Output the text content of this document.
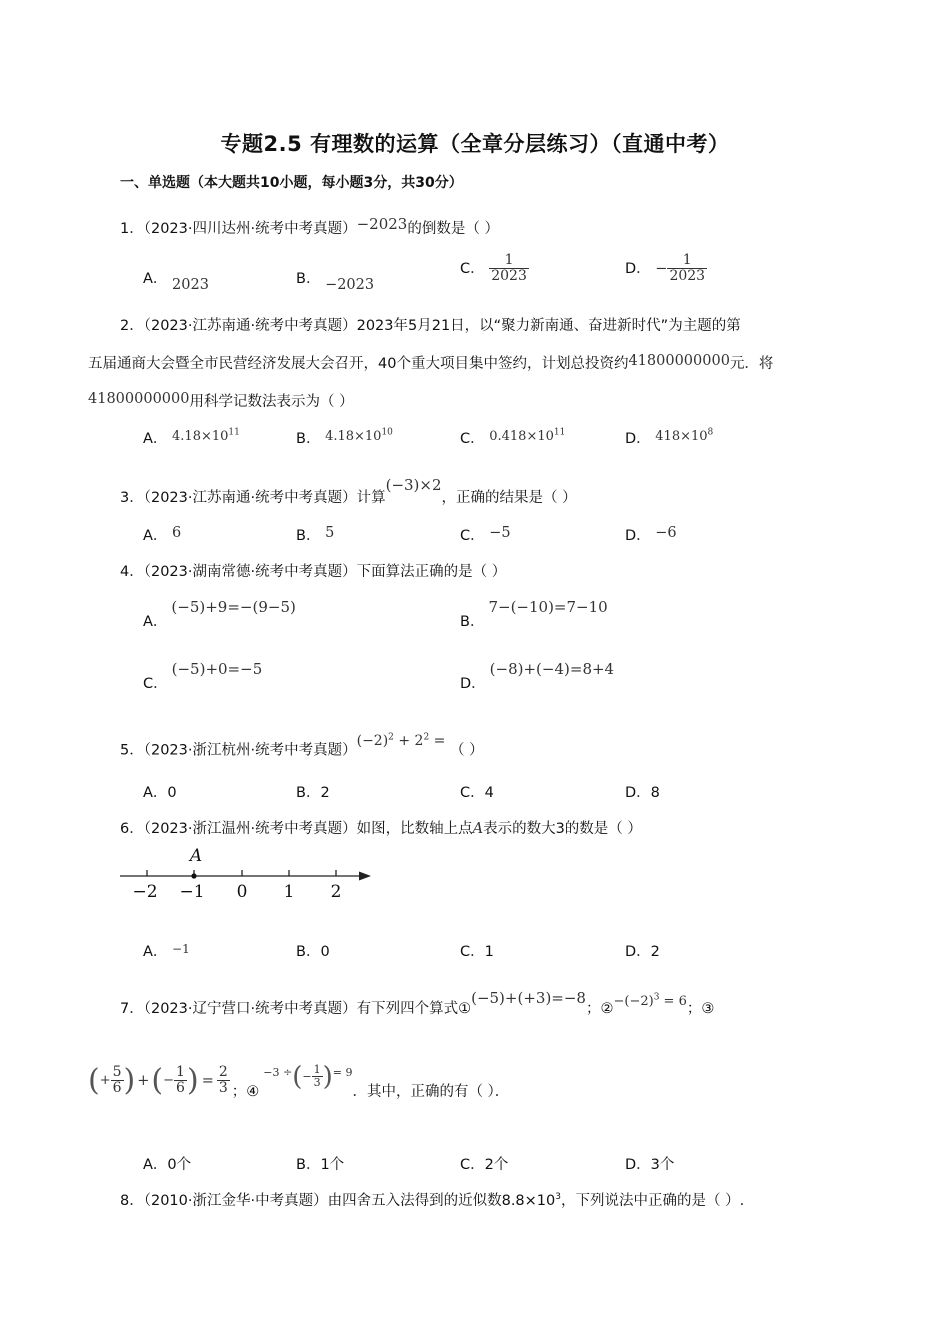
专题2.5 有理数的运算（全章分层练习）（直通中考）
一、单选题（本大题共10小题，每小题3分，共30分）
1．（2023·四川达州·统考中考真题）−2023的倒数是（ ）
A． 2023	B． −2023
C． $\frac{1}{2023}$	D． − $\frac{1}{2023}$
2．（2023·江苏南通·统考中考真题）2023年5月21日，以“聚力新南通、奋进新时代”为主题的第
五届通商大会暨全市民营经济发展大会召开，40个重大项目集中签约，计划总投资约41800000000元．将
41800000000用科学记数法表示为（ ）
A． $4.18\times 10^{11}$	B． $4.18\times 10^{10}$	C． $0.418\times 10^{11}$	D． $418\times 10^8$
3．（2023·江苏南通·统考中考真题）计算(−3)×2，正确的结果是（ ）
A． 6	B． 5	C． −5	D． −6
4．（2023·湖南常德·统考中考真题）下面算法正确的是（ ）
A．(−5)+9=−(9−5)
B．7−(−10)=7−10
C．(−5)+0=−5
D．(−8)+(−4)=8+4
5．（2023·浙江杭州·统考中考真题）$(-2)^2 + 2^2$ = （ ）
A．0	B．2	C．4	D．8
6．（2023·浙江温州·统考中考真题）如图，比数轴上点A表示的数大3的数是（ ）
A
−2 −1 0 1 2
A． $^{-1}$	B．0	C．1	D．2
7．（2023·辽宁营口·统考中考真题）有下列四个算式①(−5)+(+3)=−8；$②-(-2)^3 = 6$；③
( + $\frac{5}{6}$ ) + ( − $\frac{1}{6}$ ) = $\frac{2}{3}$ ；④
−3 ÷ ( − $\frac{1}{3}$ ) = 9
．其中，正确的有（ ）．
A．0个	B．1个	C．2个	D．3个
8．（2010·浙江金华·中考真题）由四舍五入法得到的近似数$8.8\times 10^3$，下列说法中正确的是（ ）.
